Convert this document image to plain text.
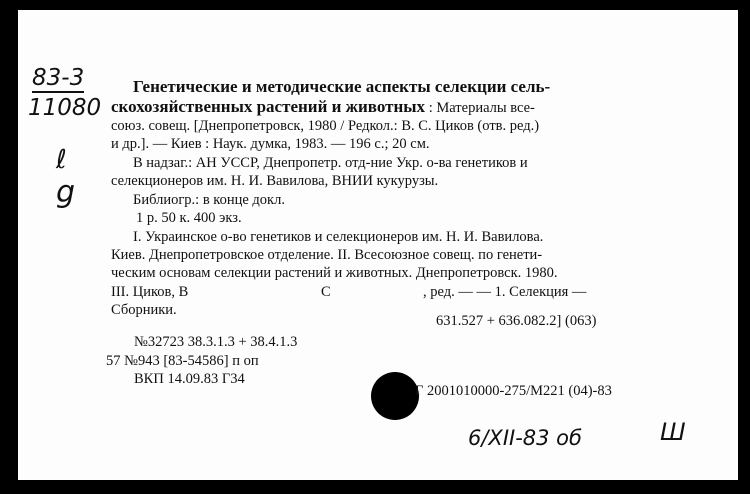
83-3
11080
ℓ
g
Генетические и методические аспекты селекции сель-
скохозяйственных растений и животных : Материалы все-
союз. совещ. [Днепропетровск, 1980 / Редкол.: В. С. Циков (отв. ред.)
и др.]. — Киев : Наук. думка, 1983. — 196 с.; 20 см.
В надзаг.: АН УССР, Днепропетр. отд-ние Укр. о-ва генетиков и
селекционеров им. Н. И. Вавилова, ВНИИ кукурузы.
Библиогр.: в конце докл.
1 р. 50 к. 400 экз.
I. Украинское о-во генетиков и селекционеров им. Н. И. Вавилова.
Киев. Днепропетровское отделение. II. Всесоюзное совещ. по генети-
ческим основам селекции растений и животных. Днепропетровск. 1980.
III. Циков, В	С	, ред. — — 1. Селекция —
Сборники.
631.527 + 636.082.2] (063)
№32723 38.3.1.3 + 38.4.1.3
57 №943 [83-54586] п оп
ВКП 14.09.83 Г34
Г 2001010000-275/М221 (04)-83
6/XII-83 об	Ш
